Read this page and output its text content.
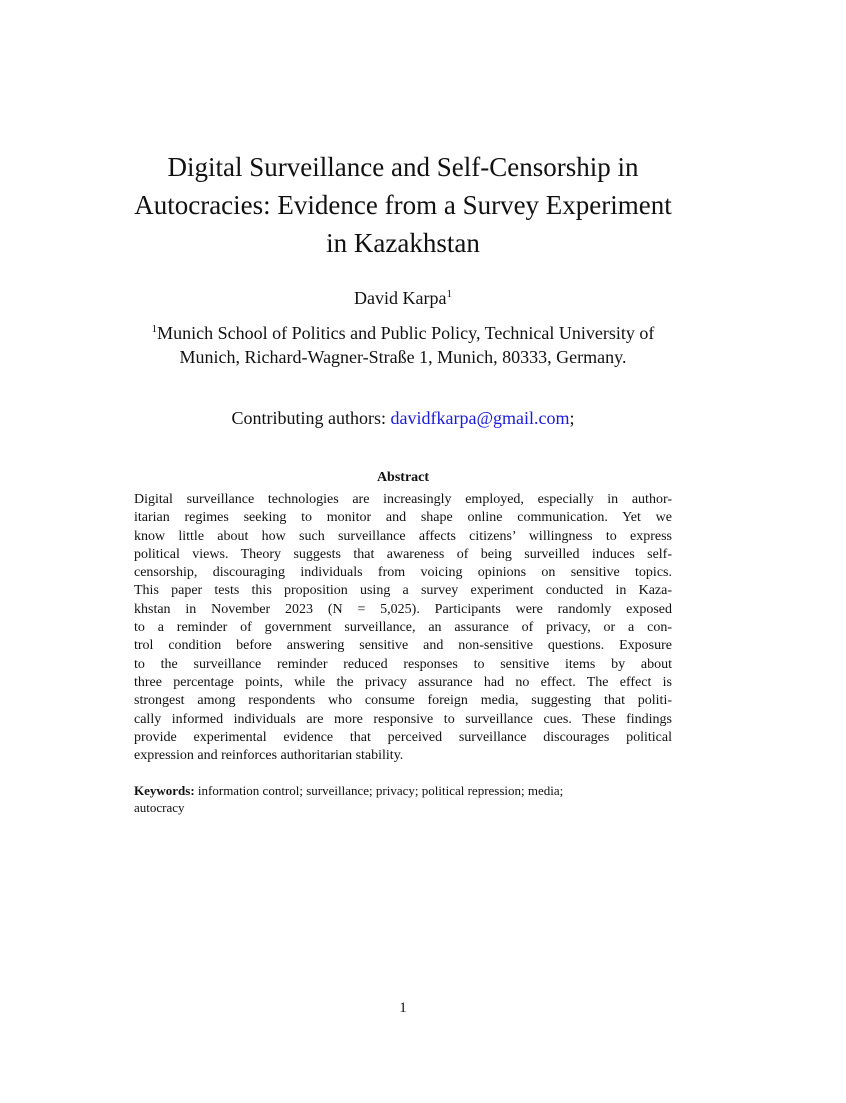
Digital Surveillance and Self-Censorship in
Autocracies: Evidence from a Survey Experiment
in Kazakhstan
David Karpa$^1$
$^1$Munich School of Politics and Public Policy, Technical University of
Munich, Richard-Wagner-Straße 1, Munich, 80333, Germany.
Contributing authors: davidfkarpa@gmail.com;
Abstract
Digital surveillance technologies are increasingly employed, especially in author-
itarian regimes seeking to monitor and shape online communication. Yet we
know little about how such surveillance affects citizens’ willingness to express
political views. Theory suggests that awareness of being surveilled induces self-
censorship, discouraging individuals from voicing opinions on sensitive topics.
This paper tests this proposition using a survey experiment conducted in Kaza-
khstan in November 2023 (N = 5,025). Participants were randomly exposed
to a reminder of government surveillance, an assurance of privacy, or a con-
trol condition before answering sensitive and non-sensitive questions. Exposure
to the surveillance reminder reduced responses to sensitive items by about
three percentage points, while the privacy assurance had no effect. The effect is
strongest among respondents who consume foreign media, suggesting that politi-
cally informed individuals are more responsive to surveillance cues. These findings
provide experimental evidence that perceived surveillance discourages political
expression and reinforces authoritarian stability.
Keywords: information control; surveillance; privacy; political repression; media;
autocracy
1
